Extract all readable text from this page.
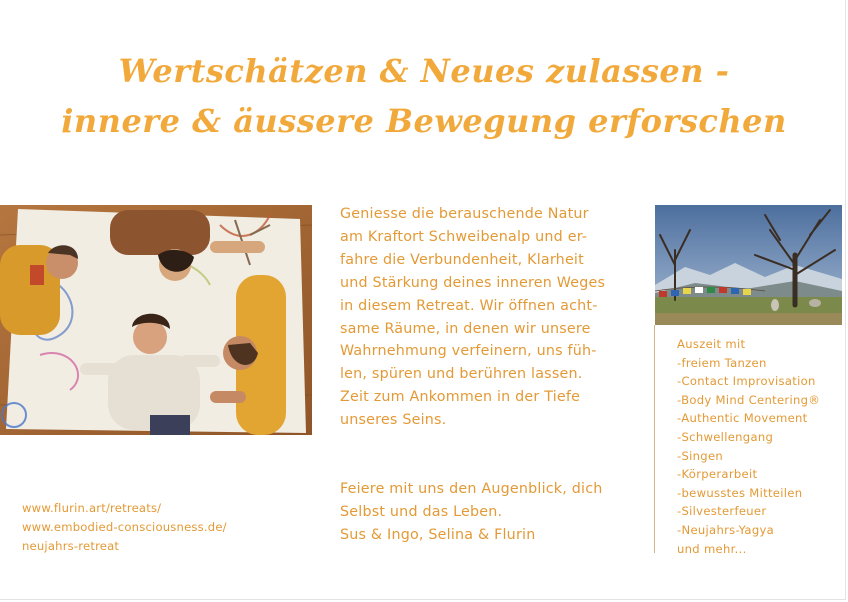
Wertschätzen & Neues zulassen -
innere & äussere Bewegung erforschen

Geniesse die berauschende Natur

am Kraftort Schweibenalp und er-

fahre die Verbundenheit, Klarheit

und Stärkung deines inneren Weges

in diesem Retreat. Wir öffnen acht-

same Räume, in denen wir unsere

Wahrnehmung verfeinern, uns füh-

len, spüren und berühren lassen.

Zeit zum Ankommen in der Tiefe

unseres Seins.

Feiere mit uns den Augenblick, dich

Selbst und das Leben.

Sus & Ingo, Selina & Flurin

Auszeit mit
-freiem Tanzen
-Contact Improvisation
-Body Mind Centering®
-Authentic Movement
-Schwellengang
-Singen
-Körperarbeit
-bewusstes Mitteilen
-Silvesterfeuer
-Neujahrs-Yagya
und mehr...
www.flurin.art/retreats/
www.embodied-consciousness.de/
neujahrs-retreat
